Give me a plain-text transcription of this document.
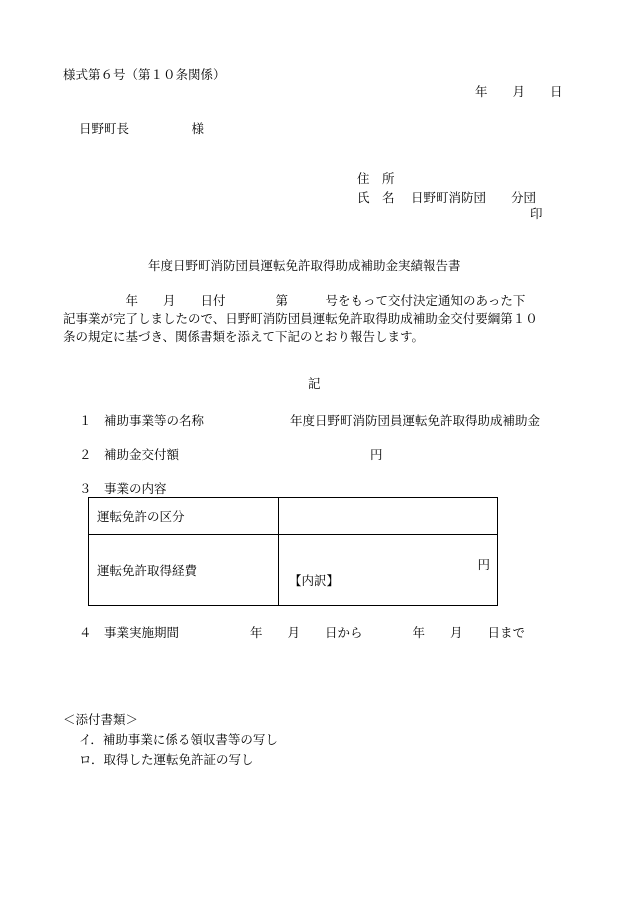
様式第６号（第１０条関係）
年　　月　　日
日野町長　　　　　様
住　所
氏　名 日野町消防団　　分団
印
年度日野町消防団員運転免許取得助成補助金実績報告書
　　　　　年　　月　　日付　　　　第　　　号をもって交付決定通知のあった下
記事業が完了しましたので、日野町消防団員運転免許取得助成補助金交付要綱第１０
条の規定に基づき、関係書類を添えて下記のとおり報告します。
記
１ 補助事業等の名称	年度日野町消防団員運転免許取得助成補助金
２ 補助金交付額	円
３ 事業の内容
運転免許の区分	
運転免許取得経費	円
【内訳】
４ 事業実施期間	年　　月　　日から　　　　年　　月　　日まで
＜添付書類＞
イ．補助事業に係る領収書等の写し
ロ．取得した運転免許証の写し
